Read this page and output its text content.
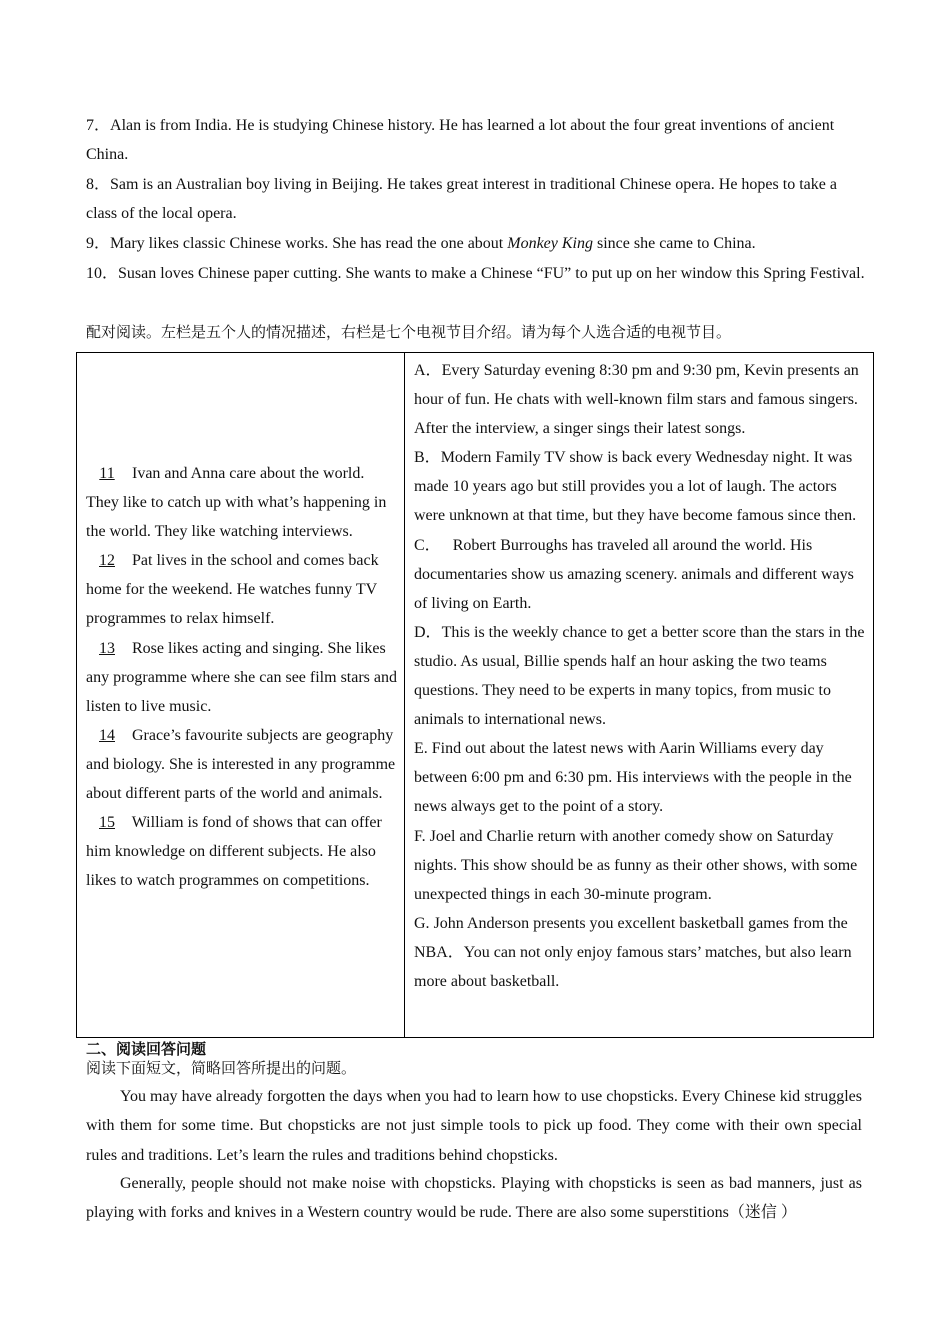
7．Alan is from India. He is studying Chinese history. He has learned a lot about the four great inventions of ancient China.

8．Sam is an Australian boy living in Beijing. He takes great interest in traditional Chinese opera. He hopes to take a class of the local opera.

9．Mary likes classic Chinese works. She has read the one about Monkey King since she came to China.

10．Susan loves Chinese paper cutting. She wants to make a Chinese “FU” to put up on her window this Spring Festival.

配对阅读。左栏是五个人的情况描述，右栏是七个电视节目介绍。请为每个人选合适的电视节目。

11 Ivan and Anna care about the world. They like to catch up with what’s happening in the world. They like watching interviews.
12 Pat lives in the school and comes back home for the weekend. He watches funny TV programmes to relax himself.
13 Rose likes acting and singing. She likes any programme where she can see film stars and listen to live music.
14 Grace’s favourite subjects are geography and biology. She is interested in any programme about different parts of the world and animals.
15 William is fond of shows that can offer him knowledge on different subjects. He also likes to watch programmes on competitions.

A．Every Saturday evening 8:30 pm and 9:30 pm, Kevin presents an hour of fun. He chats with well-known film stars and famous singers. After the interview, a singer sings their latest songs.
B．Modern Family TV show is back every Wednesday night. It was made 10 years ago but still provides you a lot of laugh. The actors were unknown at that time, but they have become famous since then.
C． Robert Burroughs has traveled all around the world. His documentaries show us amazing scenery. animals and different ways of living on Earth.
D．This is the weekly chance to get a better score than the stars in the studio. As usual, Billie spends half an hour asking the two teams questions. They need to be experts in many topics, from music to animals to international news.
E. Find out about the latest news with Aarin Williams every day between 6:00 pm and 6:30 pm. His interviews with the people in the news always get to the point of a story.
F. Joel and Charlie return with another comedy show on Saturday nights. This show should be as funny as their other shows, with some unexpected things in each 30-minute program.
G. John Anderson presents you excellent basketball games from the NBA．You can not only enjoy famous stars’ matches, but also learn more about basketball.

二、阅读回答问题

阅读下面短文，简略回答所提出的问题。

You may have already forgotten the days when you had to learn how to use chopsticks. Every Chinese kid struggles with them for some time. But chopsticks are not just simple tools to pick up food. They come with their own special rules and traditions. Let’s learn the rules and traditions behind chopsticks.

Generally, people should not make noise with chopsticks. Playing with chopsticks is seen as bad manners, just as playing with forks and knives in a Western country would be rude. There are also some superstitions（迷信 ）
